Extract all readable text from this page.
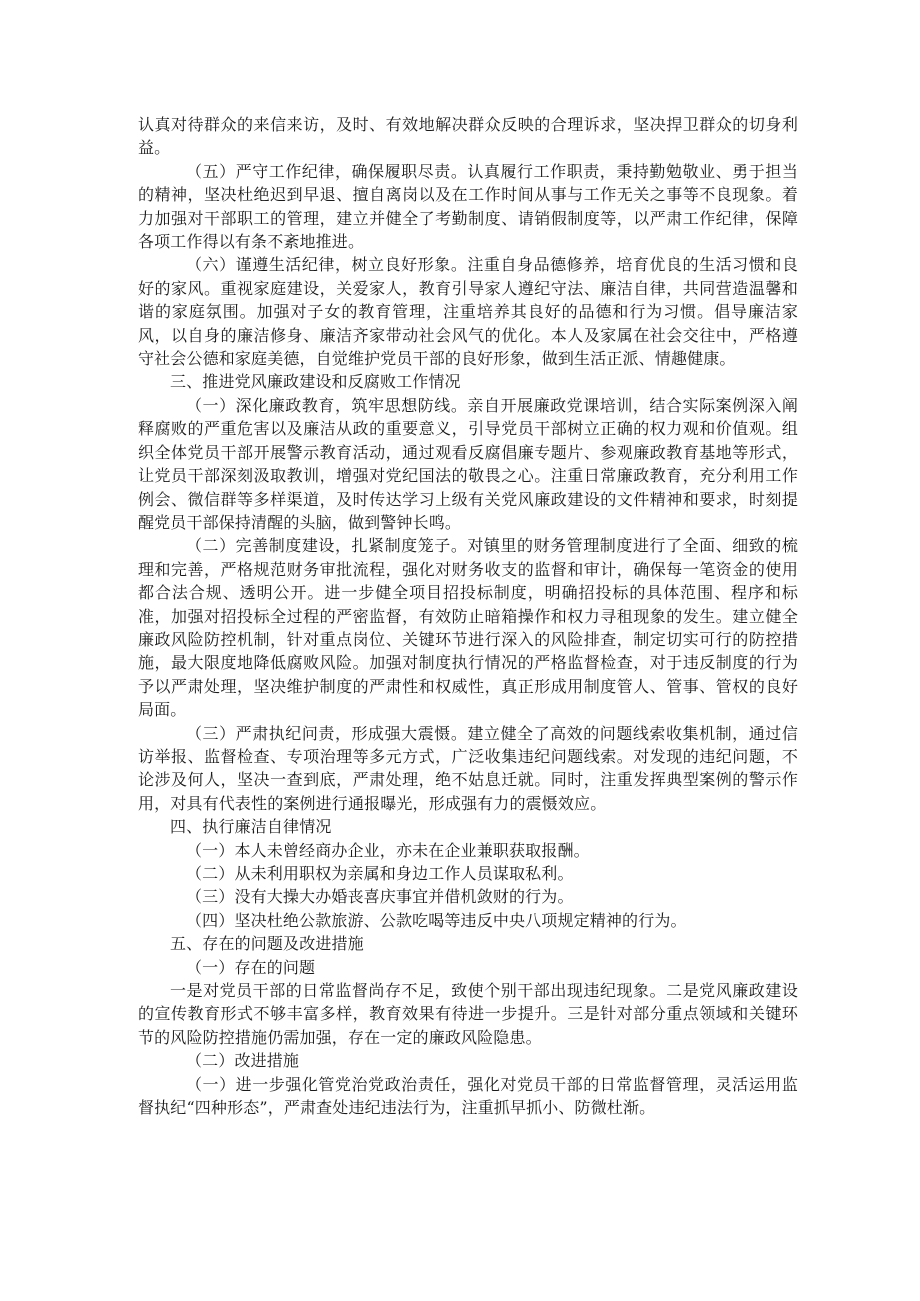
认真对待群众的来信来访，及时、有效地解决群众反映的合理诉求，坚决捍卫群众的切身利益。

（五）严守工作纪律，确保履职尽责。认真履行工作职责，秉持勤勉敬业、勇于担当的精神，坚决杜绝迟到早退、擅自离岗以及在工作时间从事与工作无关之事等不良现象。着力加强对干部职工的管理，建立并健全了考勤制度、请销假制度等，以严肃工作纪律，保障各项工作得以有条不紊地推进。

（六）谨遵生活纪律，树立良好形象。注重自身品德修养，培育优良的生活习惯和良好的家风。重视家庭建设，关爱家人，教育引导家人遵纪守法、廉洁自律，共同营造温馨和谐的家庭氛围。加强对子女的教育管理，注重培养其良好的品德和行为习惯。倡导廉洁家风，以自身的廉洁修身、廉洁齐家带动社会风气的优化。本人及家属在社会交往中，严格遵守社会公德和家庭美德，自觉维护党员干部的良好形象，做到生活正派、情趣健康。

三、推进党风廉政建设和反腐败工作情况

（一）深化廉政教育，筑牢思想防线。亲自开展廉政党课培训，结合实际案例深入阐释腐败的严重危害以及廉洁从政的重要意义，引导党员干部树立正确的权力观和价值观。组织全体党员干部开展警示教育活动，通过观看反腐倡廉专题片、参观廉政教育基地等形式，让党员干部深刻汲取教训，增强对党纪国法的敬畏之心。注重日常廉政教育，充分利用工作例会、微信群等多样渠道，及时传达学习上级有关党风廉政建设的文件精神和要求，时刻提醒党员干部保持清醒的头脑，做到警钟长鸣。

（二）完善制度建设，扎紧制度笼子。对镇里的财务管理制度进行了全面、细致的梳理和完善，严格规范财务审批流程，强化对财务收支的监督和审计，确保每一笔资金的使用都合法合规、透明公开。进一步健全项目招投标制度，明确招投标的具体范围、程序和标准，加强对招投标全过程的严密监督，有效防止暗箱操作和权力寻租现象的发生。建立健全廉政风险防控机制，针对重点岗位、关键环节进行深入的风险排查，制定切实可行的防控措施，最大限度地降低腐败风险。加强对制度执行情况的严格监督检查，对于违反制度的行为予以严肃处理，坚决维护制度的严肃性和权威性，真正形成用制度管人、管事、管权的良好局面。

（三）严肃执纪问责，形成强大震慑。建立健全了高效的问题线索收集机制，通过信访举报、监督检查、专项治理等多元方式，广泛收集违纪问题线索。对发现的违纪问题，不论涉及何人，坚决一查到底，严肃处理，绝不姑息迁就。同时，注重发挥典型案例的警示作用，对具有代表性的案例进行通报曝光，形成强有力的震慑效应。

四、执行廉洁自律情况

（一）本人未曾经商办企业，亦未在企业兼职获取报酬。

（二）从未利用职权为亲属和身边工作人员谋取私利。

（三）没有大操大办婚丧喜庆事宜并借机敛财的行为。

（四）坚决杜绝公款旅游、公款吃喝等违反中央八项规定精神的行为。

五、存在的问题及改进措施

（一）存在的问题

一是对党员干部的日常监督尚存不足，致使个别干部出现违纪现象。二是党风廉政建设的宣传教育形式不够丰富多样，教育效果有待进一步提升。三是针对部分重点领域和关键环节的风险防控措施仍需加强，存在一定的廉政风险隐患。

（二）改进措施

（一）进一步强化管党治党政治责任，强化对党员干部的日常监督管理，灵活运用监督执纪“四种形态”，严肃查处违纪违法行为，注重抓早抓小、防微杜渐。
